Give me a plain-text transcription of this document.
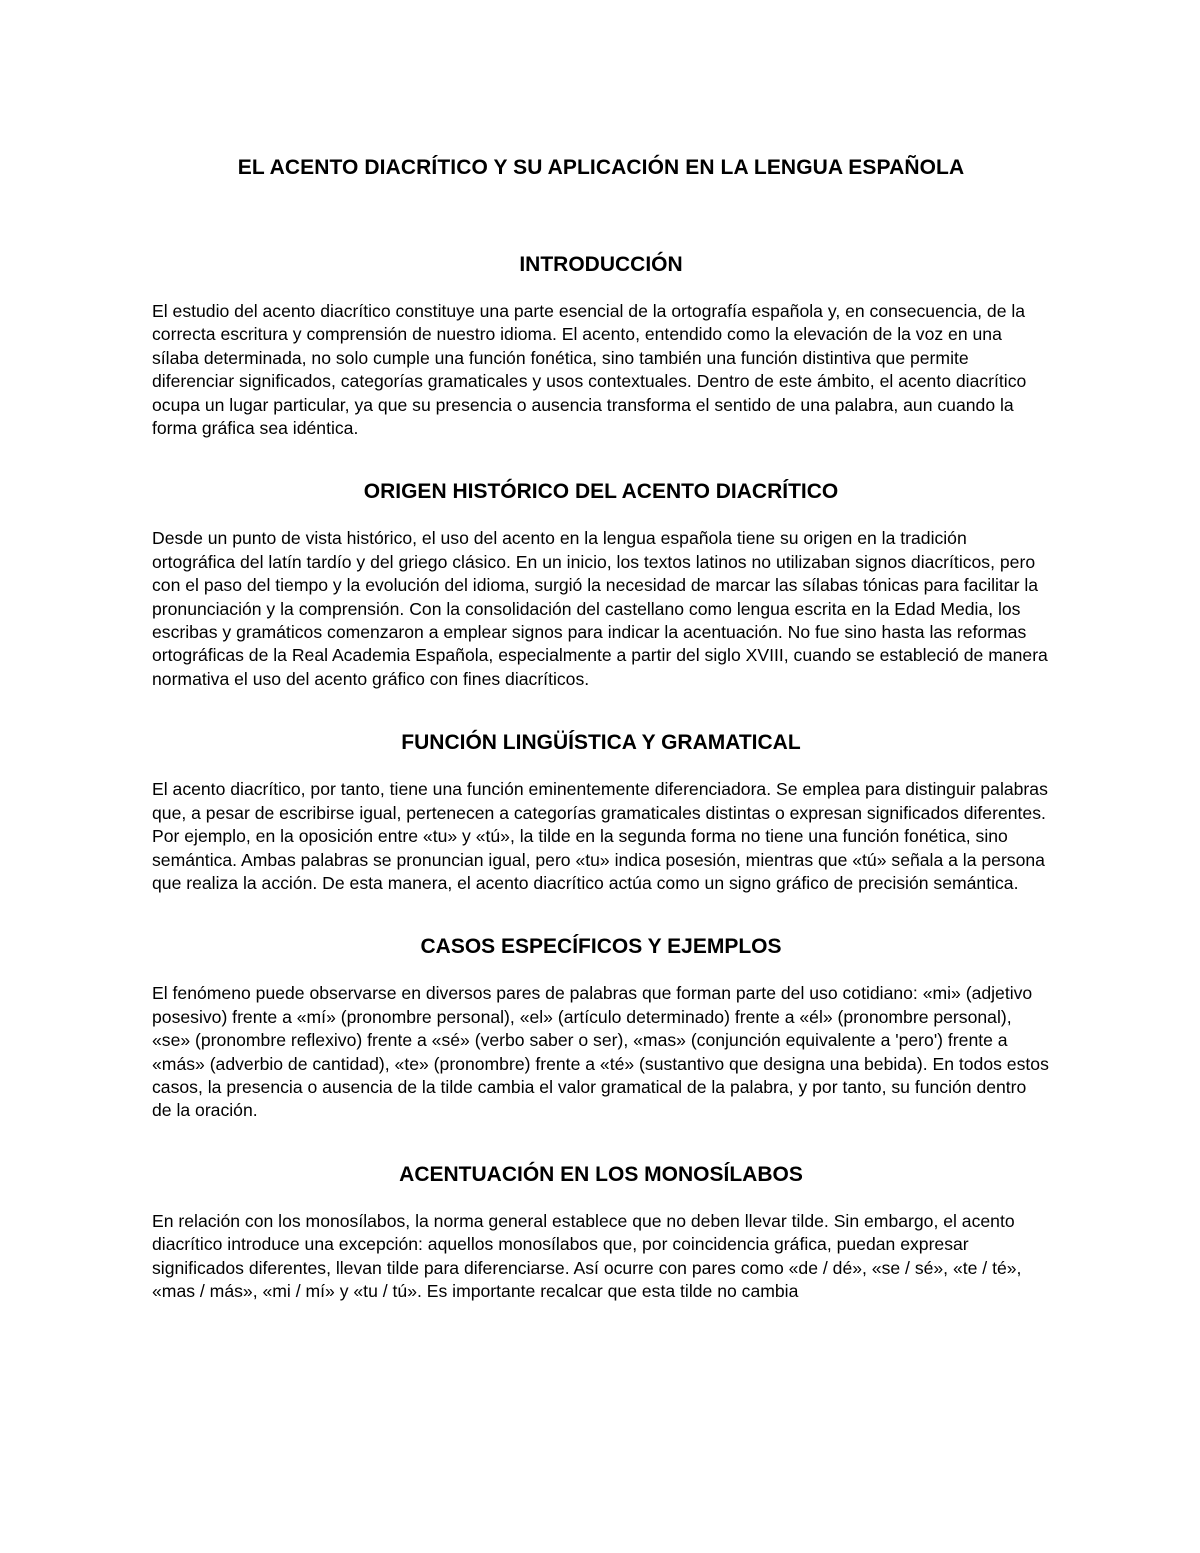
EL ACENTO DIACRÍTICO Y SU APLICACIÓN EN LA LENGUA ESPAÑOLA
INTRODUCCIÓN

El estudio del acento diacrítico constituye una parte esencial de la ortografía española y, en consecuencia, de la correcta escritura y comprensión de nuestro idioma. El acento, entendido como la elevación de la voz en una sílaba determinada, no solo cumple una función fonética, sino también una función distintiva que permite diferenciar significados, categorías gramaticales y usos contextuales. Dentro de este ámbito, el acento diacrítico ocupa un lugar particular, ya que su presencia o ausencia transforma el sentido de una palabra, aun cuando la forma gráfica sea idéntica.

ORIGEN HISTÓRICO DEL ACENTO DIACRÍTICO

Desde un punto de vista histórico, el uso del acento en la lengua española tiene su origen en la tradición ortográfica del latín tardío y del griego clásico. En un inicio, los textos latinos no utilizaban signos diacríticos, pero con el paso del tiempo y la evolución del idioma, surgió la necesidad de marcar las sílabas tónicas para facilitar la pronunciación y la comprensión. Con la consolidación del castellano como lengua escrita en la Edad Media, los escribas y gramáticos comenzaron a emplear signos para indicar la acentuación. No fue sino hasta las reformas ortográficas de la Real Academia Española, especialmente a partir del siglo XVIII, cuando se estableció de manera normativa el uso del acento gráfico con fines diacríticos.

FUNCIÓN LINGÜÍSTICA Y GRAMATICAL

El acento diacrítico, por tanto, tiene una función eminentemente diferenciadora. Se emplea para distinguir palabras que, a pesar de escribirse igual, pertenecen a categorías gramaticales distintas o expresan significados diferentes. Por ejemplo, en la oposición entre «tu» y «tú», la tilde en la segunda forma no tiene una función fonética, sino semántica. Ambas palabras se pronuncian igual, pero «tu» indica posesión, mientras que «tú» señala a la persona que realiza la acción. De esta manera, el acento diacrítico actúa como un signo gráfico de precisión semántica.

CASOS ESPECÍFICOS Y EJEMPLOS

El fenómeno puede observarse en diversos pares de palabras que forman parte del uso cotidiano: «mi» (adjetivo posesivo) frente a «mí» (pronombre personal), «el» (artículo determinado) frente a «él» (pronombre personal), «se» (pronombre reflexivo) frente a «sé» (verbo saber o ser), «mas» (conjunción equivalente a 'pero') frente a «más» (adverbio de cantidad), «te» (pronombre) frente a «té» (sustantivo que designa una bebida). En todos estos casos, la presencia o ausencia de la tilde cambia el valor gramatical de la palabra, y por tanto, su función dentro de la oración.

ACENTUACIÓN EN LOS MONOSÍLABOS

En relación con los monosílabos, la norma general establece que no deben llevar tilde. Sin embargo, el acento diacrítico introduce una excepción: aquellos monosílabos que, por coincidencia gráfica, puedan expresar significados diferentes, llevan tilde para diferenciarse. Así ocurre con pares como «de / dé», «se / sé», «te / té», «mas / más», «mi / mí» y «tu / tú». Es importante recalcar que esta tilde no cambia
